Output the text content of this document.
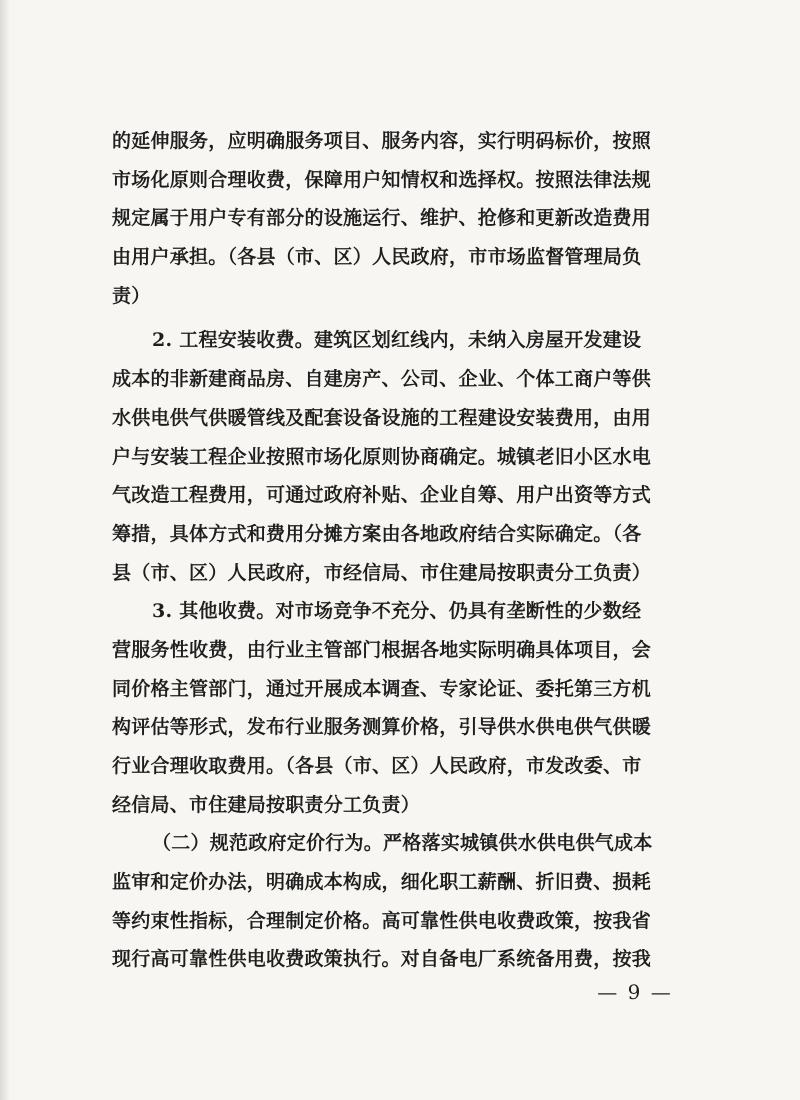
的延伸服务，应明确服务项目、服务内容，实行明码标价，按照
市场化原则合理收费，保障用户知情权和选择权。按照法律法规
规定属于用户专有部分的设施运行、维护、抢修和更新改造费用
由用户承担。（各县（市、区）人民政府，市市场监督管理局负
责）
2. 工程安装收费。建筑区划红线内，未纳入房屋开发建设
成本的非新建商品房、自建房产、公司、企业、个体工商户等供
水供电供气供暖管线及配套设备设施的工程建设安装费用，由用
户与安装工程企业按照市场化原则协商确定。城镇老旧小区水电
气改造工程费用，可通过政府补贴、企业自筹、用户出资等方式
筹措，具体方式和费用分摊方案由各地政府结合实际确定。（各
县（市、区）人民政府，市经信局、市住建局按职责分工负责）
3. 其他收费。对市场竞争不充分、仍具有垄断性的少数经
营服务性收费，由行业主管部门根据各地实际明确具体项目，会
同价格主管部门，通过开展成本调查、专家论证、委托第三方机
构评估等形式，发布行业服务测算价格，引导供水供电供气供暖
行业合理收取费用。（各县（市、区）人民政府，市发改委、市
经信局、市住建局按职责分工负责）
（二）规范政府定价行为。严格落实城镇供水供电供气成本
监审和定价办法，明确成本构成，细化职工薪酬、折旧费、损耗
等约束性指标，合理制定价格。高可靠性供电收费政策，按我省
现行高可靠性供电收费政策执行。对自备电厂系统备用费，按我
— 9 —
